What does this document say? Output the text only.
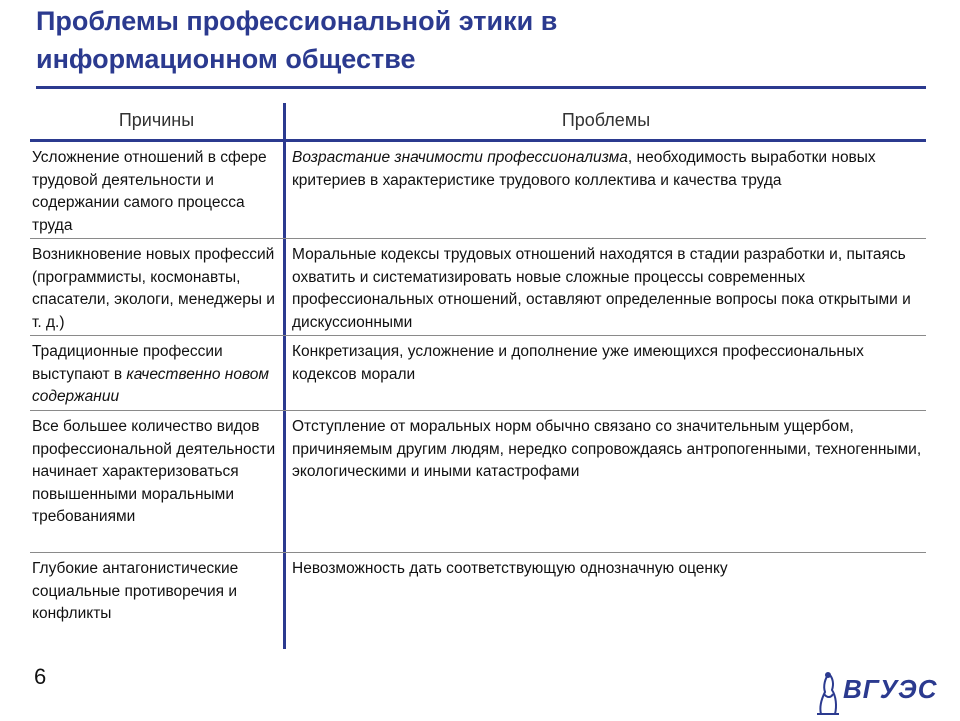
Проблемы профессиональной этики в
информационном обществе
Причины	Проблемы
Усложнение отношений в сфере трудовой деятельности и содержании самого процесса труда
Возрастание значимости профессионализма, необходимость выработки новых критериев в характеристике трудового коллектива и качества труда
Возникновение новых профессий (программисты, космонавты, спасатели, экологи, менеджеры и т. д.)
Моральные кодексы трудовых отношений находятся в стадии разработки и, пытаясь охватить и систематизировать новые сложные процессы современных профессиональных отношений, оставляют определенные вопросы пока открытыми и дискуссионными
Традиционные профессии выступают в качественно новом содержании
Конкретизация, усложнение и дополнение уже имеющихся профессиональных кодексов морали
Все большее количество видов профессиональной деятельности начинает характеризоваться повышенными моральными требованиями
Отступление от моральных норм обычно связано со значительным ущербом, причиняемым другим людям, нередко сопровождаясь антропогенными, техногенными, экологическими и иными катастрофами
Глубокие антагонистические социальные противоречия и конфликты
Невозможность дать соответствующую однозначную оценку
6	ВГУЭС
